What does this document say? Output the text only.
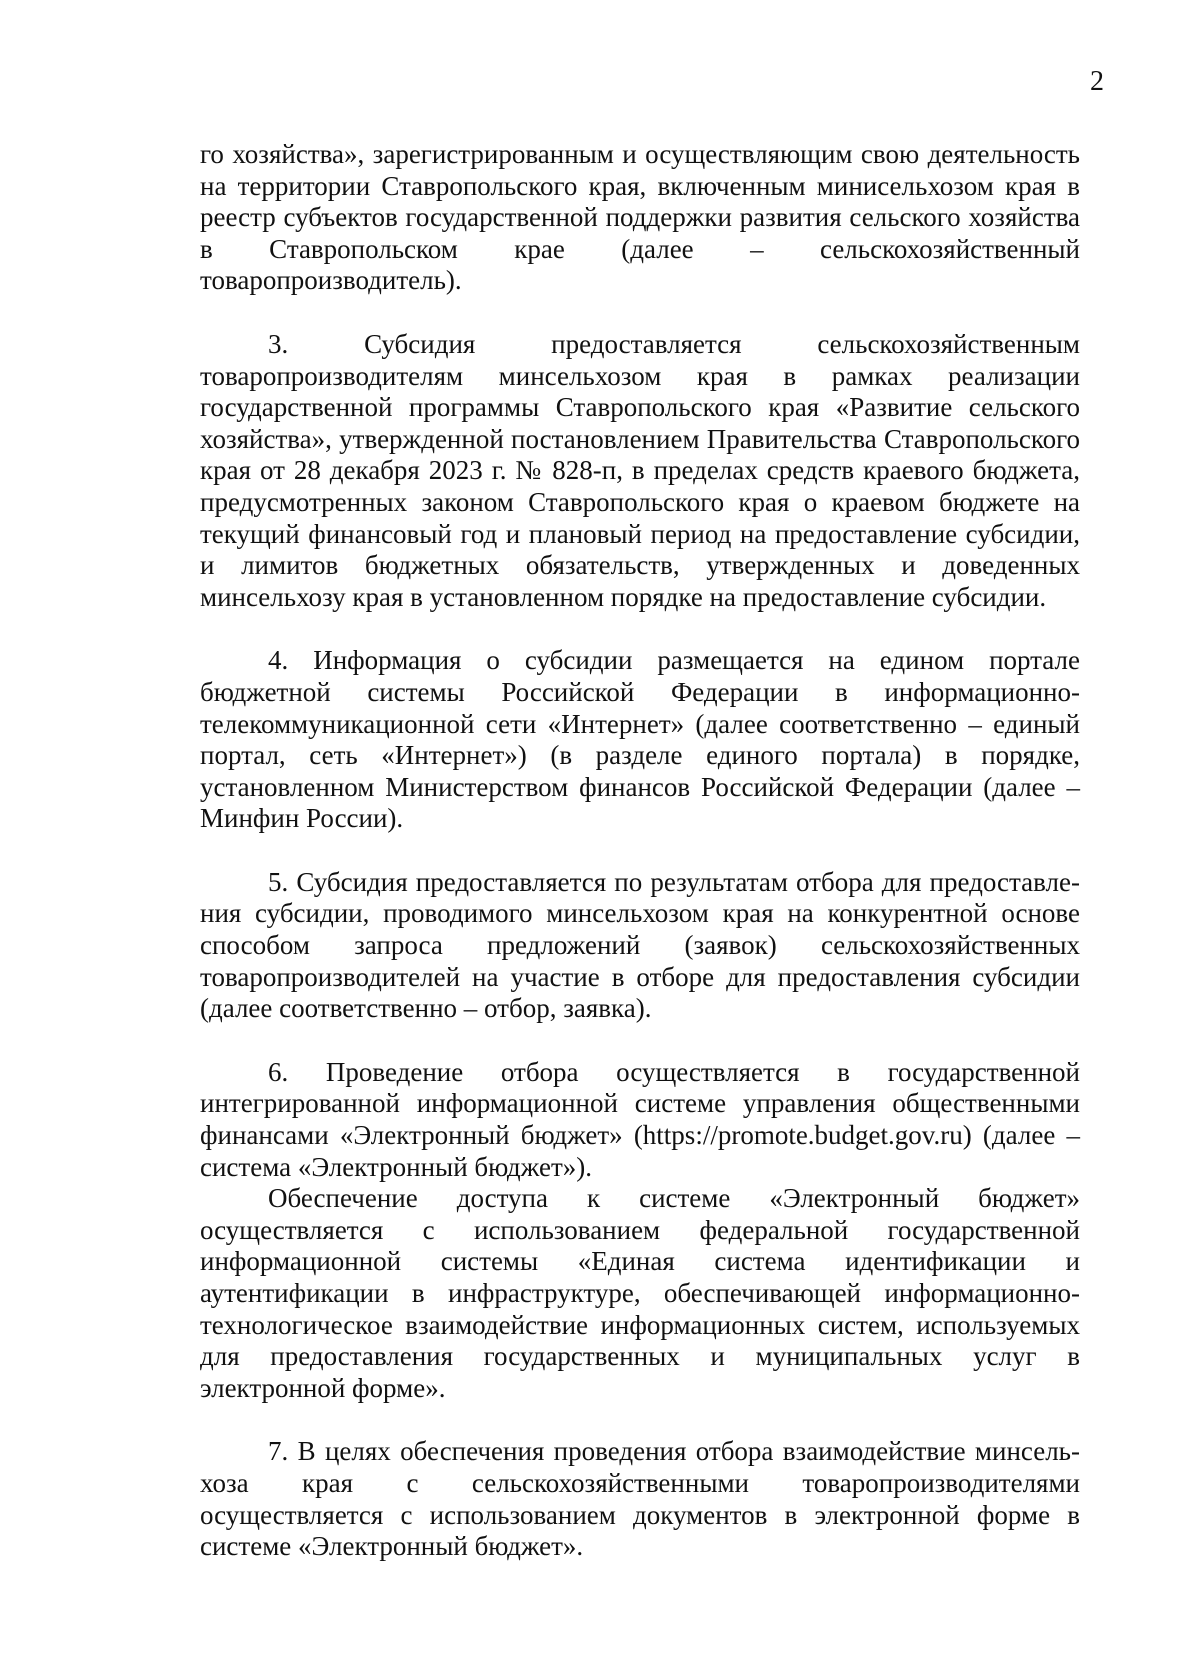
2

го хозяйства», зарегистрированным и осуществляющим свою деятельность на территории Ставропольского края, включенным минисельхозом края в реестр субъектов государственной поддержки развития сельского хозяйства в Ставропольском крае (далее – сельскохозяйственный товаропроизводитель).

3. Субсидия предоставляется сельскохозяйственным товаропроизводителям минсельхозом края в рамках реализации государственной программы Ставропольского края «Развитие сельского хозяйства», утвержденной постановлением Правительства Ставропольского края от 28 декабря 2023 г. № 828-п, в пределах средств краевого бюджета, предусмотренных законом Ставропольского края о краевом бюджете на текущий финансовый год и плановый период на предоставление субсидии, и лимитов бюджетных обязательств, утвержденных и доведенных минсельхозу края в установленном порядке на предоставление субсидии.

4. Информация о субсидии размещается на едином портале бюджетной системы Российской Федерации в информационно-телекоммуникационной сети «Интернет» (далее соответственно – единый портал, сеть «Интернет») (в разделе единого портала) в порядке, установленном Министерством финансов Российской Федерации (далее – Минфин России).

5. Субсидия предоставляется по результатам отбора для предоставления субсидии, проводимого минсельхозом края на конкурентной основе способом запроса предложений (заявок) сельскохозяйственных товаропроизводителей на участие в отборе для предоставления субсидии (далее соответственно – отбор, заявка).

6. Проведение отбора осуществляется в государственной интегрированной информационной системе управления общественными финансами «Электронный бюджет» (https://promote.budget.gov.ru) (далее – система «Электронный бюджет»).

Обеспечение доступа к системе «Электронный бюджет» осуществляется с использованием федеральной государственной информационной системы «Единая система идентификации и аутентификации в инфраструктуре, обеспечивающей информационно-технологическое взаимодействие информационных систем, используемых для предоставления государственных и муниципальных услуг в электронной форме».

7. В целях обеспечения проведения отбора взаимодействие минсельхоза края с сельскохозяйственными товаропроизводителями осуществляется с использованием документов в электронной форме в системе «Электронный бюджет».
